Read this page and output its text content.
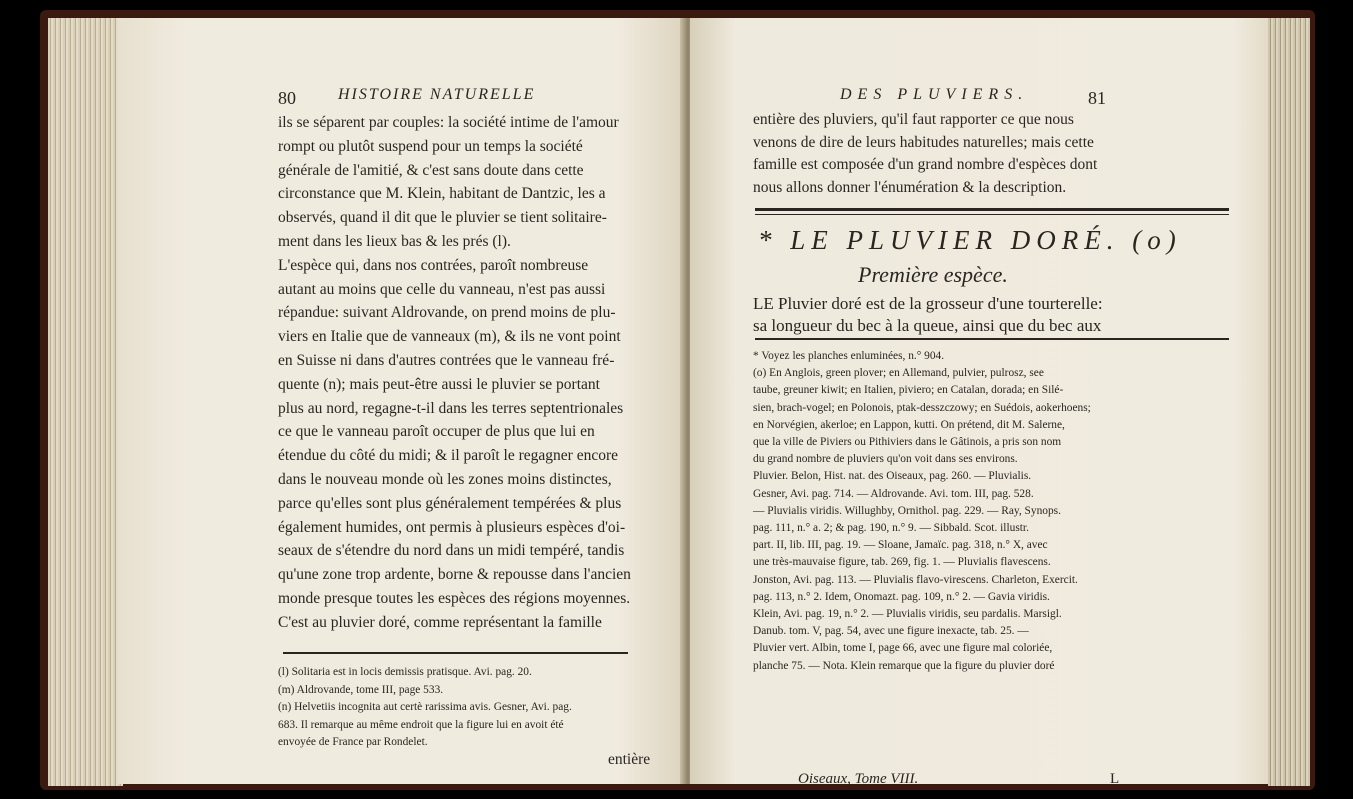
80	HISTOIRE NATURELLE
ils se séparent par couples: la société intime de l'amour
rompt ou plutôt suspend pour un temps la société
générale de l'amitié, & c'est sans doute dans cette
circonstance que M. Klein, habitant de Dantzic, les a
observés, quand il dit que le pluvier se tient solitaire-
ment dans les lieux bas & les prés (l).
L'espèce qui, dans nos contrées, paroît nombreuse
autant au moins que celle du vanneau, n'est pas aussi
répandue: suivant Aldrovande, on prend moins de plu-
viers en Italie que de vanneaux (m), & ils ne vont point
en Suisse ni dans d'autres contrées que le vanneau fré-
quente (n); mais peut-être aussi le pluvier se portant
plus au nord, regagne-t-il dans les terres septentrionales
ce que le vanneau paroît occuper de plus que lui en
étendue du côté du midi; & il paroît le regagner encore
dans le nouveau monde où les zones moins distinctes,
parce qu'elles sont plus généralement tempérées & plus
également humides, ont permis à plusieurs espèces d'oi-
seaux de s'étendre du nord dans un midi tempéré, tandis
qu'une zone trop ardente, borne & repousse dans l'ancien
monde presque toutes les espèces des régions moyennes.
C'est au pluvier doré, comme représentant la famille
(l) Solitaria est in locis demissis pratisque. Avi. pag. 20.
(m) Aldrovande, tome III, page 533.
(n) Helvetiis incognita aut certè rarissima avis. Gesner, Avi. pag.
683. Il remarque au même endroit que la figure lui en avoit été
envoyée de France par Rondelet.
entière
DES PLUVIERS.	81
entière des pluviers, qu'il faut rapporter ce que nous
venons de dire de leurs habitudes naturelles; mais cette
famille est composée d'un grand nombre d'espèces dont
nous allons donner l'énumération & la description.
* LE PLUVIER DORÉ. (o)
Première espèce.
LE Pluvier doré est de la grosseur d'une tourterelle:
sa longueur du bec à la queue, ainsi que du bec aux
* Voyez les planches enluminées, n.° 904.
(o) En Anglois, green plover; en Allemand, pulvier, pulrosz, see
taube, greuner kiwit; en Italien, piviero; en Catalan, dorada; en Silé-
sien, brach-vogel; en Polonois, ptak-desszczowy; en Suédois, aokerhoens;
en Norvégien, akerloe; en Lappon, kutti. On prétend, dit M. Salerne,
que la ville de Piviers ou Pithiviers dans le Gâtinois, a pris son nom
du grand nombre de pluviers qu'on voit dans ses environs.
Pluvier. Belon, Hist. nat. des Oiseaux, pag. 260. — Pluvialis.
Gesner, Avi. pag. 714. — Aldrovande. Avi. tom. III, pag. 528.
— Pluvialis viridis. Willughby, Ornithol. pag. 229. — Ray, Synops.
pag. 111, n.° a. 2; & pag. 190, n.° 9. — Sibbald. Scot. illustr.
part. II, lib. III, pag. 19. — Sloane, Jamaïc. pag. 318, n.° X, avec
une très-mauvaise figure, tab. 269, fig. 1. — Pluvialis flavescens.
Jonston, Avi. pag. 113. — Pluvialis flavo-virescens. Charleton, Exercit.
pag. 113, n.° 2. Idem, Onomazt. pag. 109, n.° 2. — Gavia viridis.
Klein, Avi. pag. 19, n.° 2. — Pluvialis viridis, seu pardalis. Marsigl.
Danub. tom. V, pag. 54, avec une figure inexacte, tab. 25. —
Pluvier vert. Albin, tome I, page 66, avec une figure mal coloriée,
planche 75. — Nota. Klein remarque que la figure du pluvier doré
Oiseaux, Tome VIII.	L
